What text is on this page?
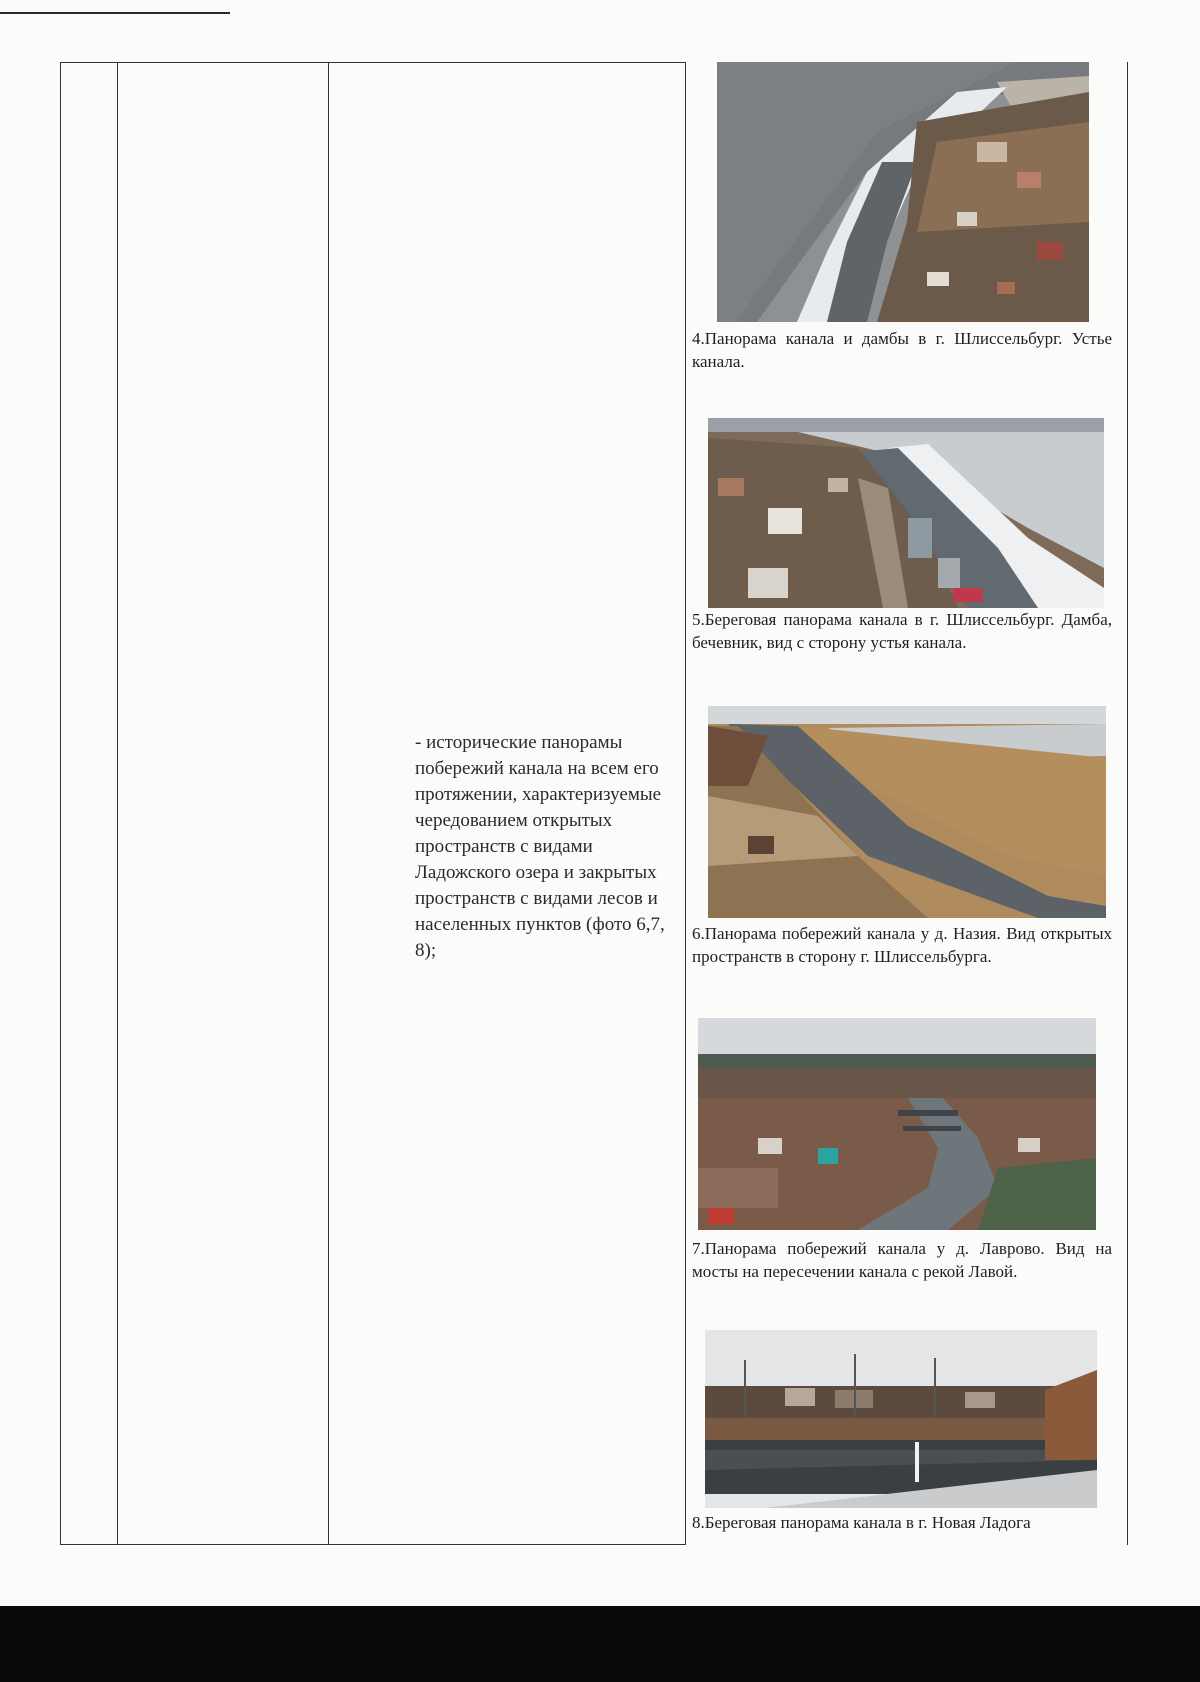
- исторические панорамы побережий канала на всем его протяжении, характеризуемые чередованием открытых пространств с видами Ладожского озера и закрытых пространств с видами лесов и населенных пунктов (фото 6,7, 8);

4.Панорама канала и дамбы в г. Шлиссельбург. Устье канала.
5.Береговая панорама канала в г. Шлиссельбург. Дамба, бечевник, вид с сторону устья канала.
6.Панорама побережий канала у д. Назия. Вид открытых пространств в сторону г. Шлиссельбурга.
7.Панорама побережий канала у д. Лаврово. Вид на мосты на пересечении канала с рекой Лавой.
8.Береговая панорама канала в г. Новая Ладога
